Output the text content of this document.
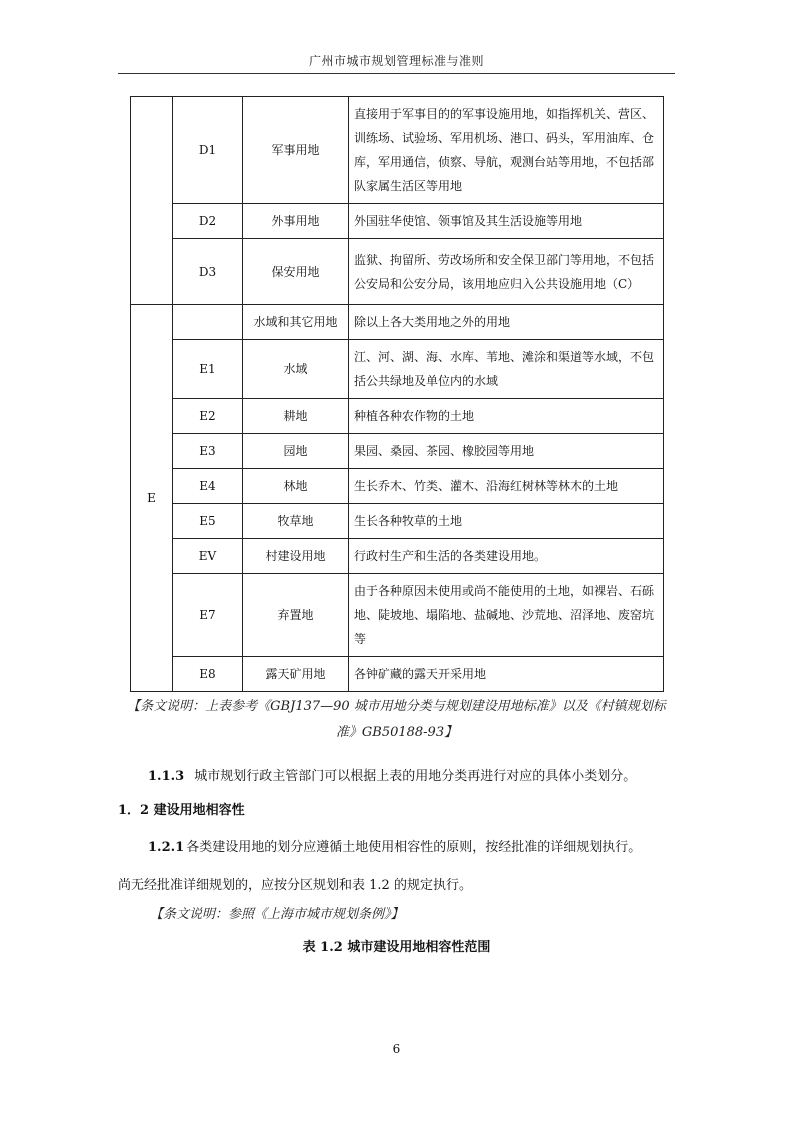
广州市城市规划管理标准与准则
	D1	军事用地	直接用于军事目的的军事设施用地，如指挥机关、营区、训练场、试验场、军用机场、港口、码头，军用油库、仓库，军用通信，侦察、导航，观测台站等用地，不包括部队家属生活区等用地
	D2	外事用地	外国驻华使馆、领事馆及其生活设施等用地
	D3	保安用地	监狱、拘留所、劳改场所和安全保卫部门等用地，不包括公安局和公安分局，该用地应归入公共设施用地（C）
E		水域和其它用地	除以上各大类用地之外的用地
	E1	水域	江、河、湖、海、水库、苇地、滩涂和渠道等水域，不包括公共绿地及单位内的水域
	E2	耕地	种植各种农作物的土地
	E3	园地	果园、桑园、茶园、橡胶园等用地
	E4	林地	生长乔木、竹类、灌木、沿海红树林等林木的土地
	E5	牧草地	生长各种牧草的土地
	EV	村建设用地	行政村生产和生活的各类建设用地。
	E7	弃置地	由于各种原因未使用或尚不能使用的土地，如裸岩、石砾地、陡坡地、塌陷地、盐碱地、沙荒地、沼泽地、废窑坑等
	E8	露天矿用地	各钟矿藏的露天开采用地
【条文说明：上表参考《GBJ137—90 城市用地分类与规划建设用地标准》以及《村镇规划标准》GB50188-93】
1.1.3 城市规划行政主管部门可以根据上表的用地分类再进行对应的具体小类划分。
1．2 建设用地相容性
1.2.1 各类建设用地的划分应遵循土地使用相容性的原则，按经批准的详细规划执行。
尚无经批准详细规划的，应按分区规划和表 1.2 的规定执行。
【条文说明：参照《上海市城市规划条例》】
表 1.2 城市建设用地相容性范围
6
